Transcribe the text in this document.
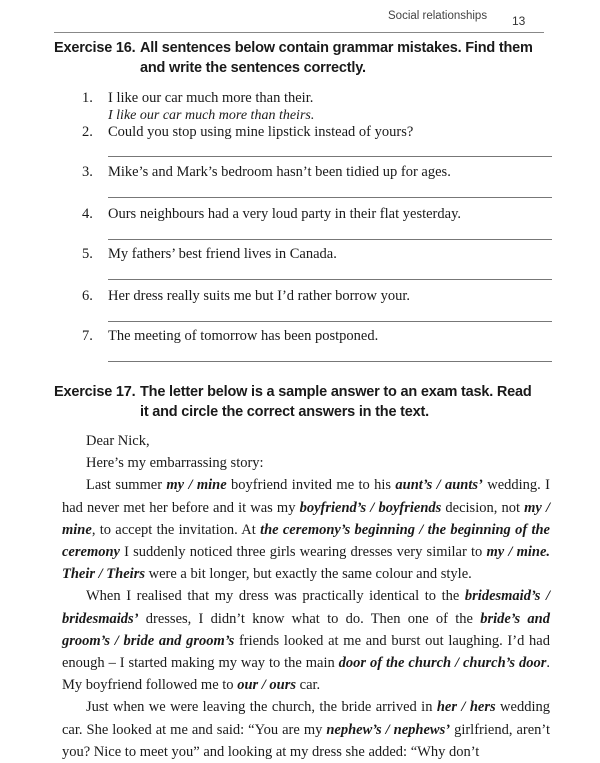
Social relationships 13
Exercise 16. All sentences below contain grammar mistakes. Find them
and write the sentences correctly.
1. I like our car much more than their.
I like our car much more than theirs.
2. Could you stop using mine lipstick instead of yours?
3. Mike’s and Mark’s bedroom hasn’t been tidied up for ages.
4. Ours neighbours had a very loud party in their flat yesterday.
5. My fathers’ best friend lives in Canada.
6. Her dress really suits me but I’d rather borrow your.
7. The meeting of tomorrow has been postponed.
Exercise 17. The letter below is a sample answer to an exam task. Read
it and circle the correct answers in the text.

Dear Nick,

Here’s my embarrassing story:

Last summer my / mine boyfriend invited me to his aunt’s / aunts’ wedding. I had never met her before and it was my boyfriend’s / boyfriends decision, not my / mine, to accept the invitation. At the ceremony’s beginning / the beginning of the ceremony I suddenly noticed three girls wearing dresses very similar to my / mine. Their / Theirs were a bit longer, but exactly the same colour and style.

When I realised that my dress was practically identical to the bridesmaid’s / bridesmaids’ dresses, I didn’t know what to do. Then one of the bride’s and groom’s / bride and groom’s friends looked at me and burst out laughing. I’d had enough – I started making my way to the main door of the church / church’s door. My boyfriend followed me to our / ours car.

Just when we were leaving the church, the bride arrived in her / hers wedding car. She looked at me and said: “You are my nephew’s / nephews’ girlfriend, aren’t you? Nice to meet you” and looking at my dress she added: “Why don’t
